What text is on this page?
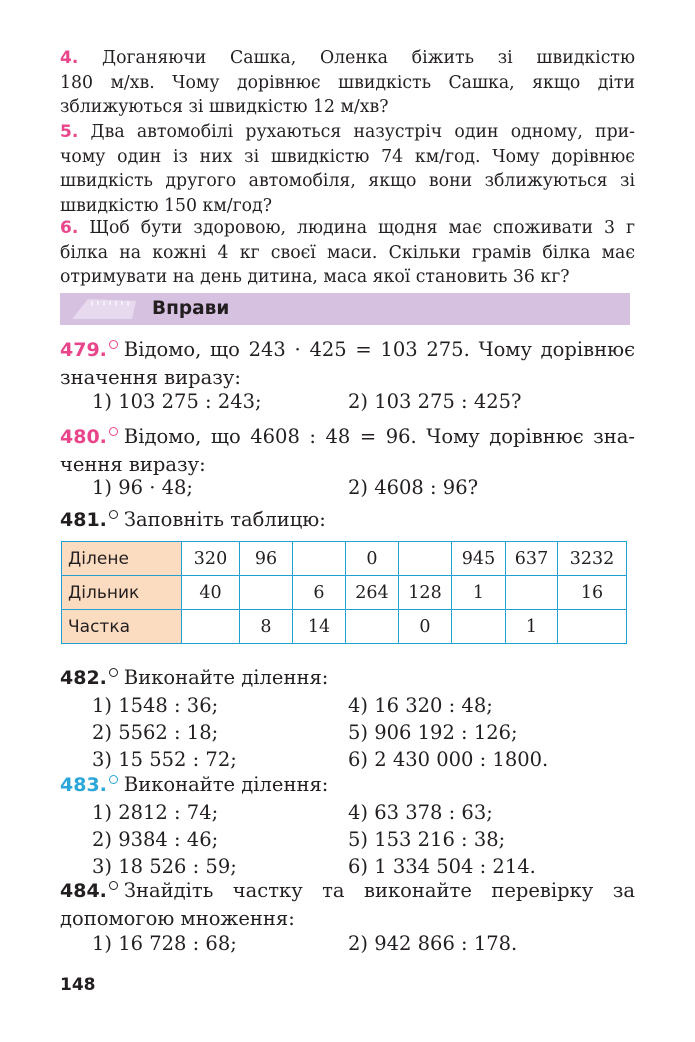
4. Доганяючи Сашка, Оленка біжить зі швидкістю
180 м/хв. Чому дорівнює швидкість Сашка, якщо діти
зближуються зі швидкістю 12 м/хв?
5. Два автомобілі рухаються назустріч один одному, при-
чому один із них зі швидкістю 74 км/год. Чому дорівнює
швидкість другого автомобіля, якщо вони зближуються зі
швидкістю 150 км/год?
6. Щоб бути здоровою, людина щодня має споживати 3 г
білка на кожні 4 кг своєї маси. Скільки грамів білка має
отримувати на день дитина, маса якої становить 36 кг?
Вправи
479. Відомо, що 243 · 425 = 103 275. Чому дорівнює
значення виразу:
1) 103 275 : 243;	2) 103 275 : 425?
480. Відомо, що 4608 : 48 = 96. Чому дорівнює зна-
чення виразу:
1) 96 · 48;	2) 4608 : 96?
481. Заповніть таблицю:
Ділене	320	96		0		945	637	3232
Дільник	40		6	264	128	1		16
Частка		8	14		0		1	
482. Виконайте ділення:
1) 1548 : 36;	4) 16 320 : 48;
2) 5562 : 18;	5) 906 192 : 126;
3) 15 552 : 72;	6) 2 430 000 : 1800.
483. Виконайте ділення:
1) 2812 : 74;	4) 63 378 : 63;
2) 9384 : 46;	5) 153 216 : 38;
3) 18 526 : 59;	6) 1 334 504 : 214.
484. Знайдіть частку та виконайте перевірку за
допомогою множення:
1) 16 728 : 68;	2) 942 866 : 178.
148
